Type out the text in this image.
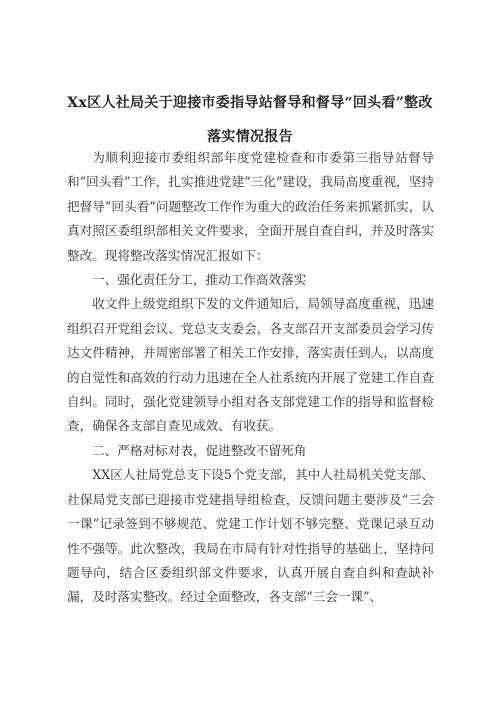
Xx区人社局关于迎接市委指导站督导和督导“回头看”整改
落实情况报告

为顺利迎接市委组织部年度党建检查和市委第三指导站督导和“回头看”工作，扎实推进党建“三化”建设，我局高度重视，坚持把督导“回头看”问题整改工作作为重大的政治任务来抓紧抓实，认真对照区委组织部相关文件要求，全面开展自查自纠，并及时落实整改。现将整改落实情况汇报如下：

一、强化责任分工，推动工作高效落实

收文件上级党组织下发的文件通知后，局领导高度重视，迅速组织召开党组会议、党总支支委会，各支部召开支部委员会学习传达文件精神，并周密部署了相关工作安排，落实责任到人，以高度的自觉性和高效的行动力迅速在全人社系统内开展了党建工作自查自纠。同时，强化党建领导小组对各支部党建工作的指导和监督检查，确保各支部自查见成效、有收获。

二、严格对标对表，促进整改不留死角

XX区人社局党总支下设5个党支部，其中人社局机关党支部、社保局党支部已迎接市党建指导组检查，反馈问题主要涉及“三会一课”记录签到不够规范、党建工作计划不够完整、党课记录互动性不强等。此次整改，我局在市局有针对性指导的基础上，坚持问题导向，结合区委组织部文件要求，认真开展自查自纠和查缺补漏，及时落实整改。经过全面整改，各支部“三会一课”、
